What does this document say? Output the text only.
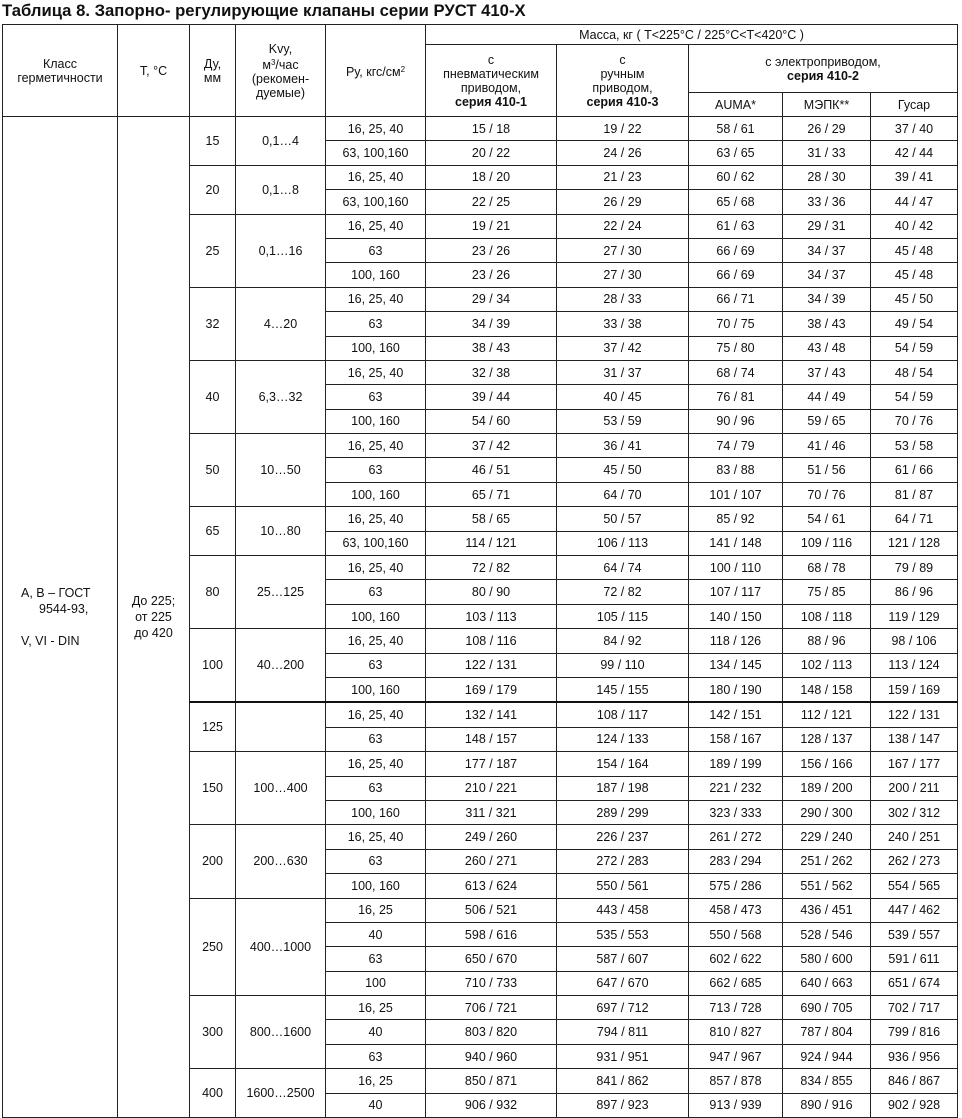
Таблица 8. Запорно- регулирующие клапаны серии РУСТ 410-Х
Класс герметичности	Т, °С	Ду,
мм	Kvy,
$м^3$/час
(рекомен-
дуемые)	Ру, кгс/$см^2$	Масса, кг ( Т<225°С / 225°С<Т<420°С )				
					с
пневматическим
приводом,
серия 410-1	с
ручным
приводом,
серия 410-3	с электроприводом,
серия 410-2		
							AUMA*	МЭПК**	Гусар
А, В – ГОСТ
9544-93,

V, VI - DIN	До 225;
от 225
до 420	15	0,1…4	16, 25, 40	15 / 18	19 / 22	58 / 61	26 / 29	37 / 40
				63, 100,160	20 / 22	24 / 26	63 / 65	31 / 33	42 / 44
		20	0,1…8	16, 25, 40	18 / 20	21 / 23	60 / 62	28 / 30	39 / 41
				63, 100,160	22 / 25	26 / 29	65 / 68	33 / 36	44 / 47
		25	0,1…16	16, 25, 40	19 / 21	22 / 24	61 / 63	29 / 31	40 / 42
				63	23 / 26	27 / 30	66 / 69	34 / 37	45 / 48
				100, 160	23 / 26	27 / 30	66 / 69	34 / 37	45 / 48
		32	4…20	16, 25, 40	29 / 34	28 / 33	66 / 71	34 / 39	45 / 50
				63	34 / 39	33 / 38	70 / 75	38 / 43	49 / 54
				100, 160	38 / 43	37 / 42	75 / 80	43 / 48	54 / 59
		40	6,3…32	16, 25, 40	32 / 38	31 / 37	68 / 74	37 / 43	48 / 54
				63	39 / 44	40 / 45	76 / 81	44 / 49	54 / 59
				100, 160	54 / 60	53 / 59	90 / 96	59 / 65	70 / 76
		50	10…50	16, 25, 40	37 / 42	36 / 41	74 / 79	41 / 46	53 / 58
				63	46 / 51	45 / 50	83 / 88	51 / 56	61 / 66
				100, 160	65 / 71	64 / 70	101 / 107	70 / 76	81 / 87
		65	10…80	16, 25, 40	58 / 65	50 / 57	85 / 92	54 / 61	64 / 71
				63, 100,160	114 / 121	106 / 113	141 / 148	109 / 116	121 / 128
		80	25…125	16, 25, 40	72 / 82	64 / 74	100 / 110	68 / 78	79 / 89
				63	80 / 90	72 / 82	107 / 117	75 / 85	86 / 96
				100, 160	103 / 113	105 / 115	140 / 150	108 / 118	119 / 129
		100	40…200	16, 25, 40	108 / 116	84 / 92	118 / 126	88 / 96	98 / 106
				63	122 / 131	99 / 110	134 / 145	102 / 113	113 / 124
				100, 160	169 / 179	145 / 155	180 / 190	148 / 158	159 / 169
		125		16, 25, 40	132 / 141	108 / 117	142 / 151	112 / 121	122 / 131
				63	148 / 157	124 / 133	158 / 167	128 / 137	138 / 147
		150	100…400	16, 25, 40	177 / 187	154 / 164	189 / 199	156 / 166	167 / 177
				63	210 / 221	187 / 198	221 / 232	189 / 200	200 / 211
				100, 160	311 / 321	289 / 299	323 / 333	290 / 300	302 / 312
		200	200…630	16, 25, 40	249 / 260	226 / 237	261 / 272	229 / 240	240 / 251
				63	260 / 271	272 / 283	283 / 294	251 / 262	262 / 273
				100, 160	613 / 624	550 / 561	575 / 286	551 / 562	554 / 565
		250	400…1000	16, 25	506 / 521	443 / 458	458 / 473	436 / 451	447 / 462
				40	598 / 616	535 / 553	550 / 568	528 / 546	539 / 557
				63	650 / 670	587 / 607	602 / 622	580 / 600	591 / 611
				100	710 / 733	647 / 670	662 / 685	640 / 663	651 / 674
		300	800…1600	16, 25	706 / 721	697 / 712	713 / 728	690 / 705	702 / 717
				40	803 / 820	794 / 811	810 / 827	787 / 804	799 / 816
				63	940 / 960	931 / 951	947 / 967	924 / 944	936 / 956
		400	1600…2500	16, 25	850 / 871	841 / 862	857 / 878	834 / 855	846 / 867
				40	906 / 932	897 / 923	913 / 939	890 / 916	902 / 928
